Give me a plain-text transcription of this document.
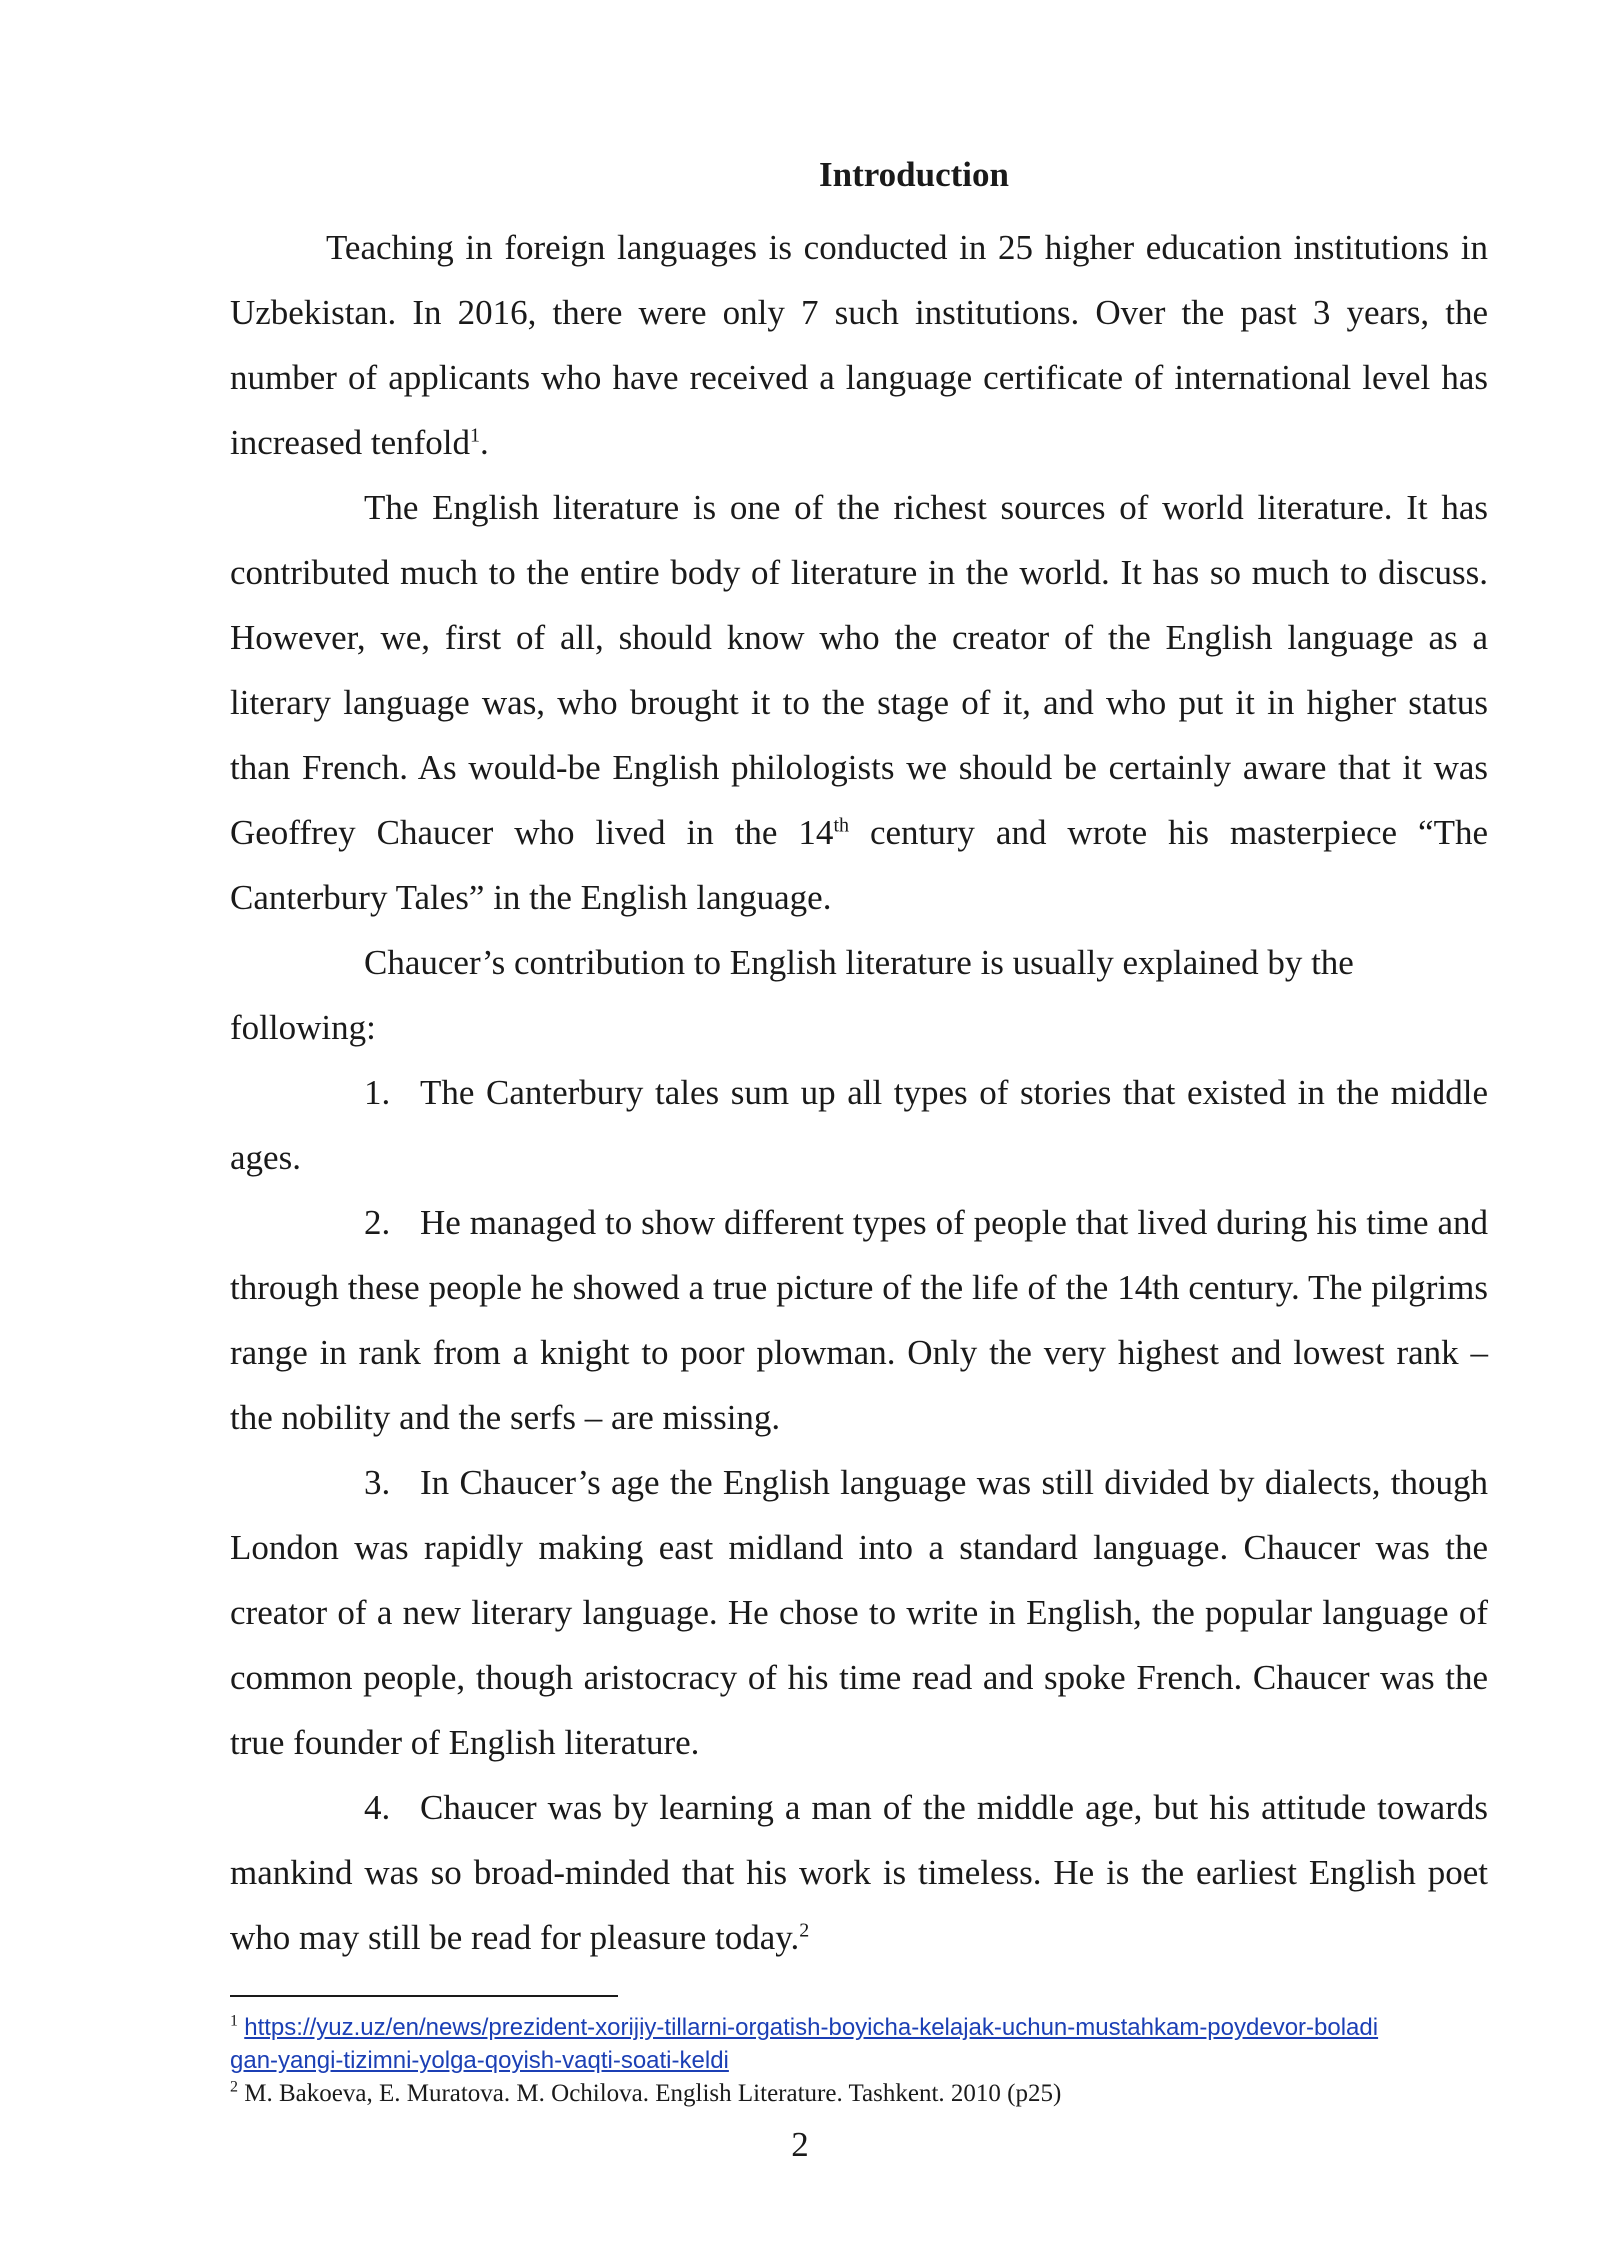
Introduction

Teaching in foreign languages is conducted in 25 higher education institutions in Uzbekistan. In 2016, there were only 7 such institutions. Over the past 3 years, the number of applicants who have received a language certificate of international level has increased tenfold$^1$.

The English literature is one of the richest sources of world literature. It has contributed much to the entire body of literature in the world. It has so much to discuss. However, we, first of all, should know who the creator of the English language as a literary language was, who brought it to the stage of it, and who put it in higher status than French. As would-be English philologists we should be certainly aware that it was Geoffrey Chaucer who lived in the 14th century and wrote his masterpiece “The Canterbury Tales” in the English language.

Chaucer’s contribution to English literature is usually explained by the following:

1. The Canterbury tales sum up all types of stories that existed in the middle ages.

2. He managed to show different types of people that lived during his time and through these people he showed a true picture of the life of the 14th century. The pilgrims range in rank from a knight to poor plowman. Only the very highest and lowest rank – the nobility and the serfs – are missing.

3. In Chaucer’s age the English language was still divided by dialects, though London was rapidly making east midland into a standard language. Chaucer was the creator of a new literary language. He chose to write in English, the popular language of common people, though aristocracy of his time read and spoke French. Chaucer was the true founder of English literature.

4. Chaucer was by learning a man of the middle age, but his attitude towards mankind was so broad-minded that his work is timeless. He is the earliest English poet who may still be read for pleasure today.$^2$

$^1$ https://yuz.uz/en/news/prezident-xorijiy-tillarni-orgatish-boyicha-kelajak-uchun-mustahkam-poydevor-boladigan-yangi-tizimni-yolga-qoyish-vaqti-soati-keldi

$^2$ M. Bakoeva, E. Muratova. M. Ochilova. English Literature. Tashkent. 2010 (p25)

2
